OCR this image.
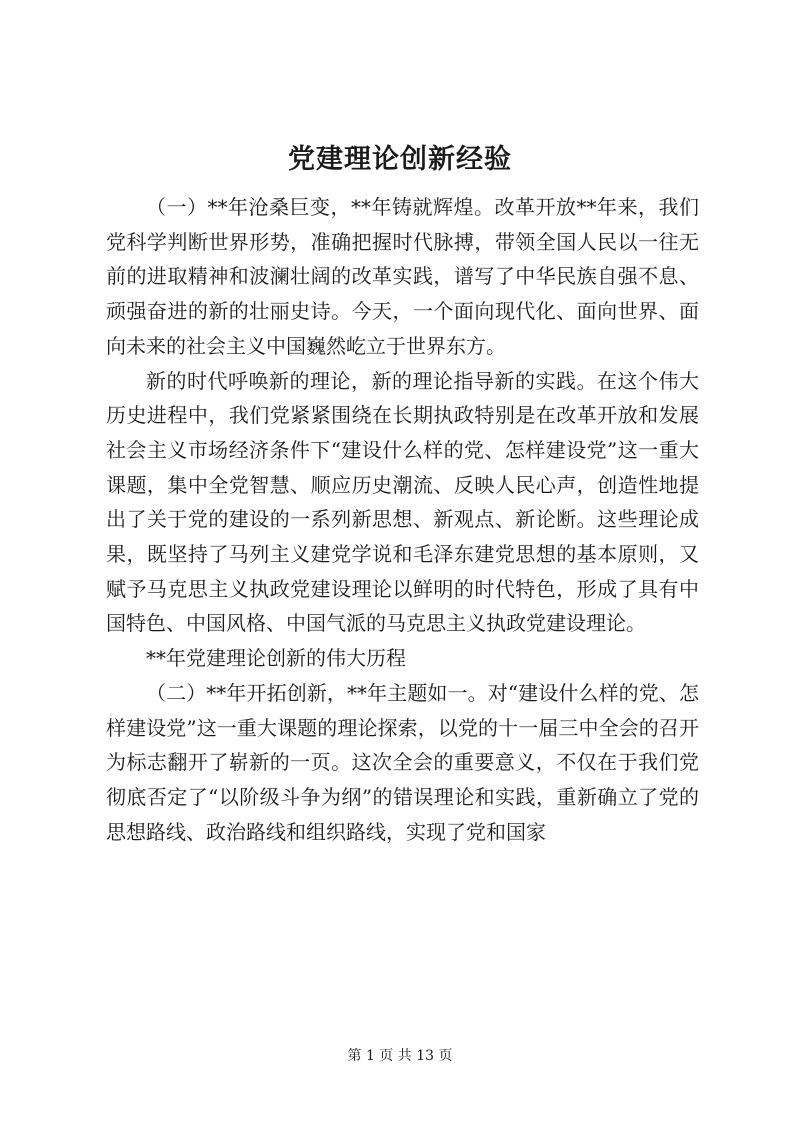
党建理论创新经验

（一）**年沧桑巨变，**年铸就辉煌。改革开放**年来，我们党科学判断世界形势，准确把握时代脉搏，带领全国人民以一往无前的进取精神和波澜壮阔的改革实践，谱写了中华民族自强不息、顽强奋进的新的壮丽史诗。今天，一个面向现代化、面向世界、面向未来的社会主义中国巍然屹立于世界东方。

新的时代呼唤新的理论，新的理论指导新的实践。在这个伟大历史进程中，我们党紧紧围绕在长期执政特别是在改革开放和发展社会主义市场经济条件下“建设什么样的党、怎样建设党”这一重大课题，集中全党智慧、顺应历史潮流、反映人民心声，创造性地提出了关于党的建设的一系列新思想、新观点、新论断。这些理论成果，既坚持了马列主义建党学说和毛泽东建党思想的基本原则，又赋予马克思主义执政党建设理论以鲜明的时代特色，形成了具有中国特色、中国风格、中国气派的马克思主义执政党建设理论。

**年党建理论创新的伟大历程

（二）**年开拓创新，**年主题如一。对“建设什么样的党、怎样建设党”这一重大课题的理论探索，以党的十一届三中全会的召开为标志翻开了崭新的一页。这次全会的重要意义，不仅在于我们党彻底否定了“以阶级斗争为纲”的错误理论和实践，重新确立了党的思想路线、政治路线和组织路线，实现了党和国家

第 1 页 共 13 页
